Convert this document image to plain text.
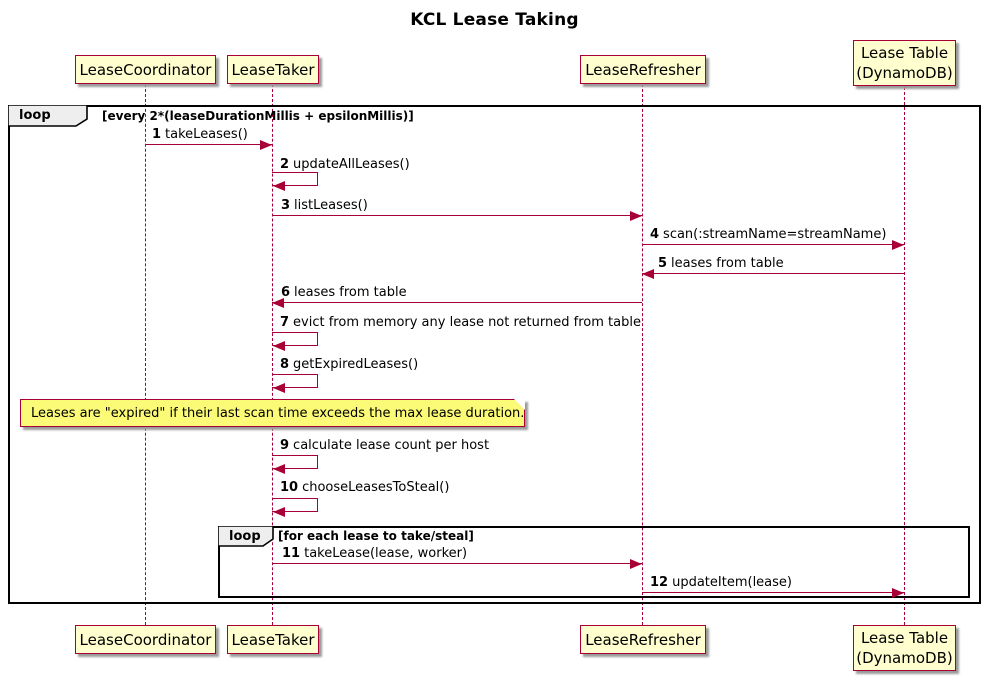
KCL Lease Taking
LeaseCoordinator LeaseTaker	LeaseRefresher
Lease Table
(DynamoDB)
loop	[every 2*(leaseDurationMillis + epsilonMillis)]
1 takeLeases()
2 updateAllLeases()
3 listLeases()
4 scan(:streamName=streamName)
5 leases from table
6 leases from table
7 evict from memory any lease not returned from table
8 getExpiredLeases()
Leases are "expired" if their last scan time exceeds the max lease duration.
9 calculate lease count per host
10 chooseLeasesToSteal()
loop	[for each lease to take/steal]
11 takeLease(lease, worker)
12 updateItem(lease)
LeaseCoordinator LeaseTaker	LeaseRefresher	Lease Table
(DynamoDB)
